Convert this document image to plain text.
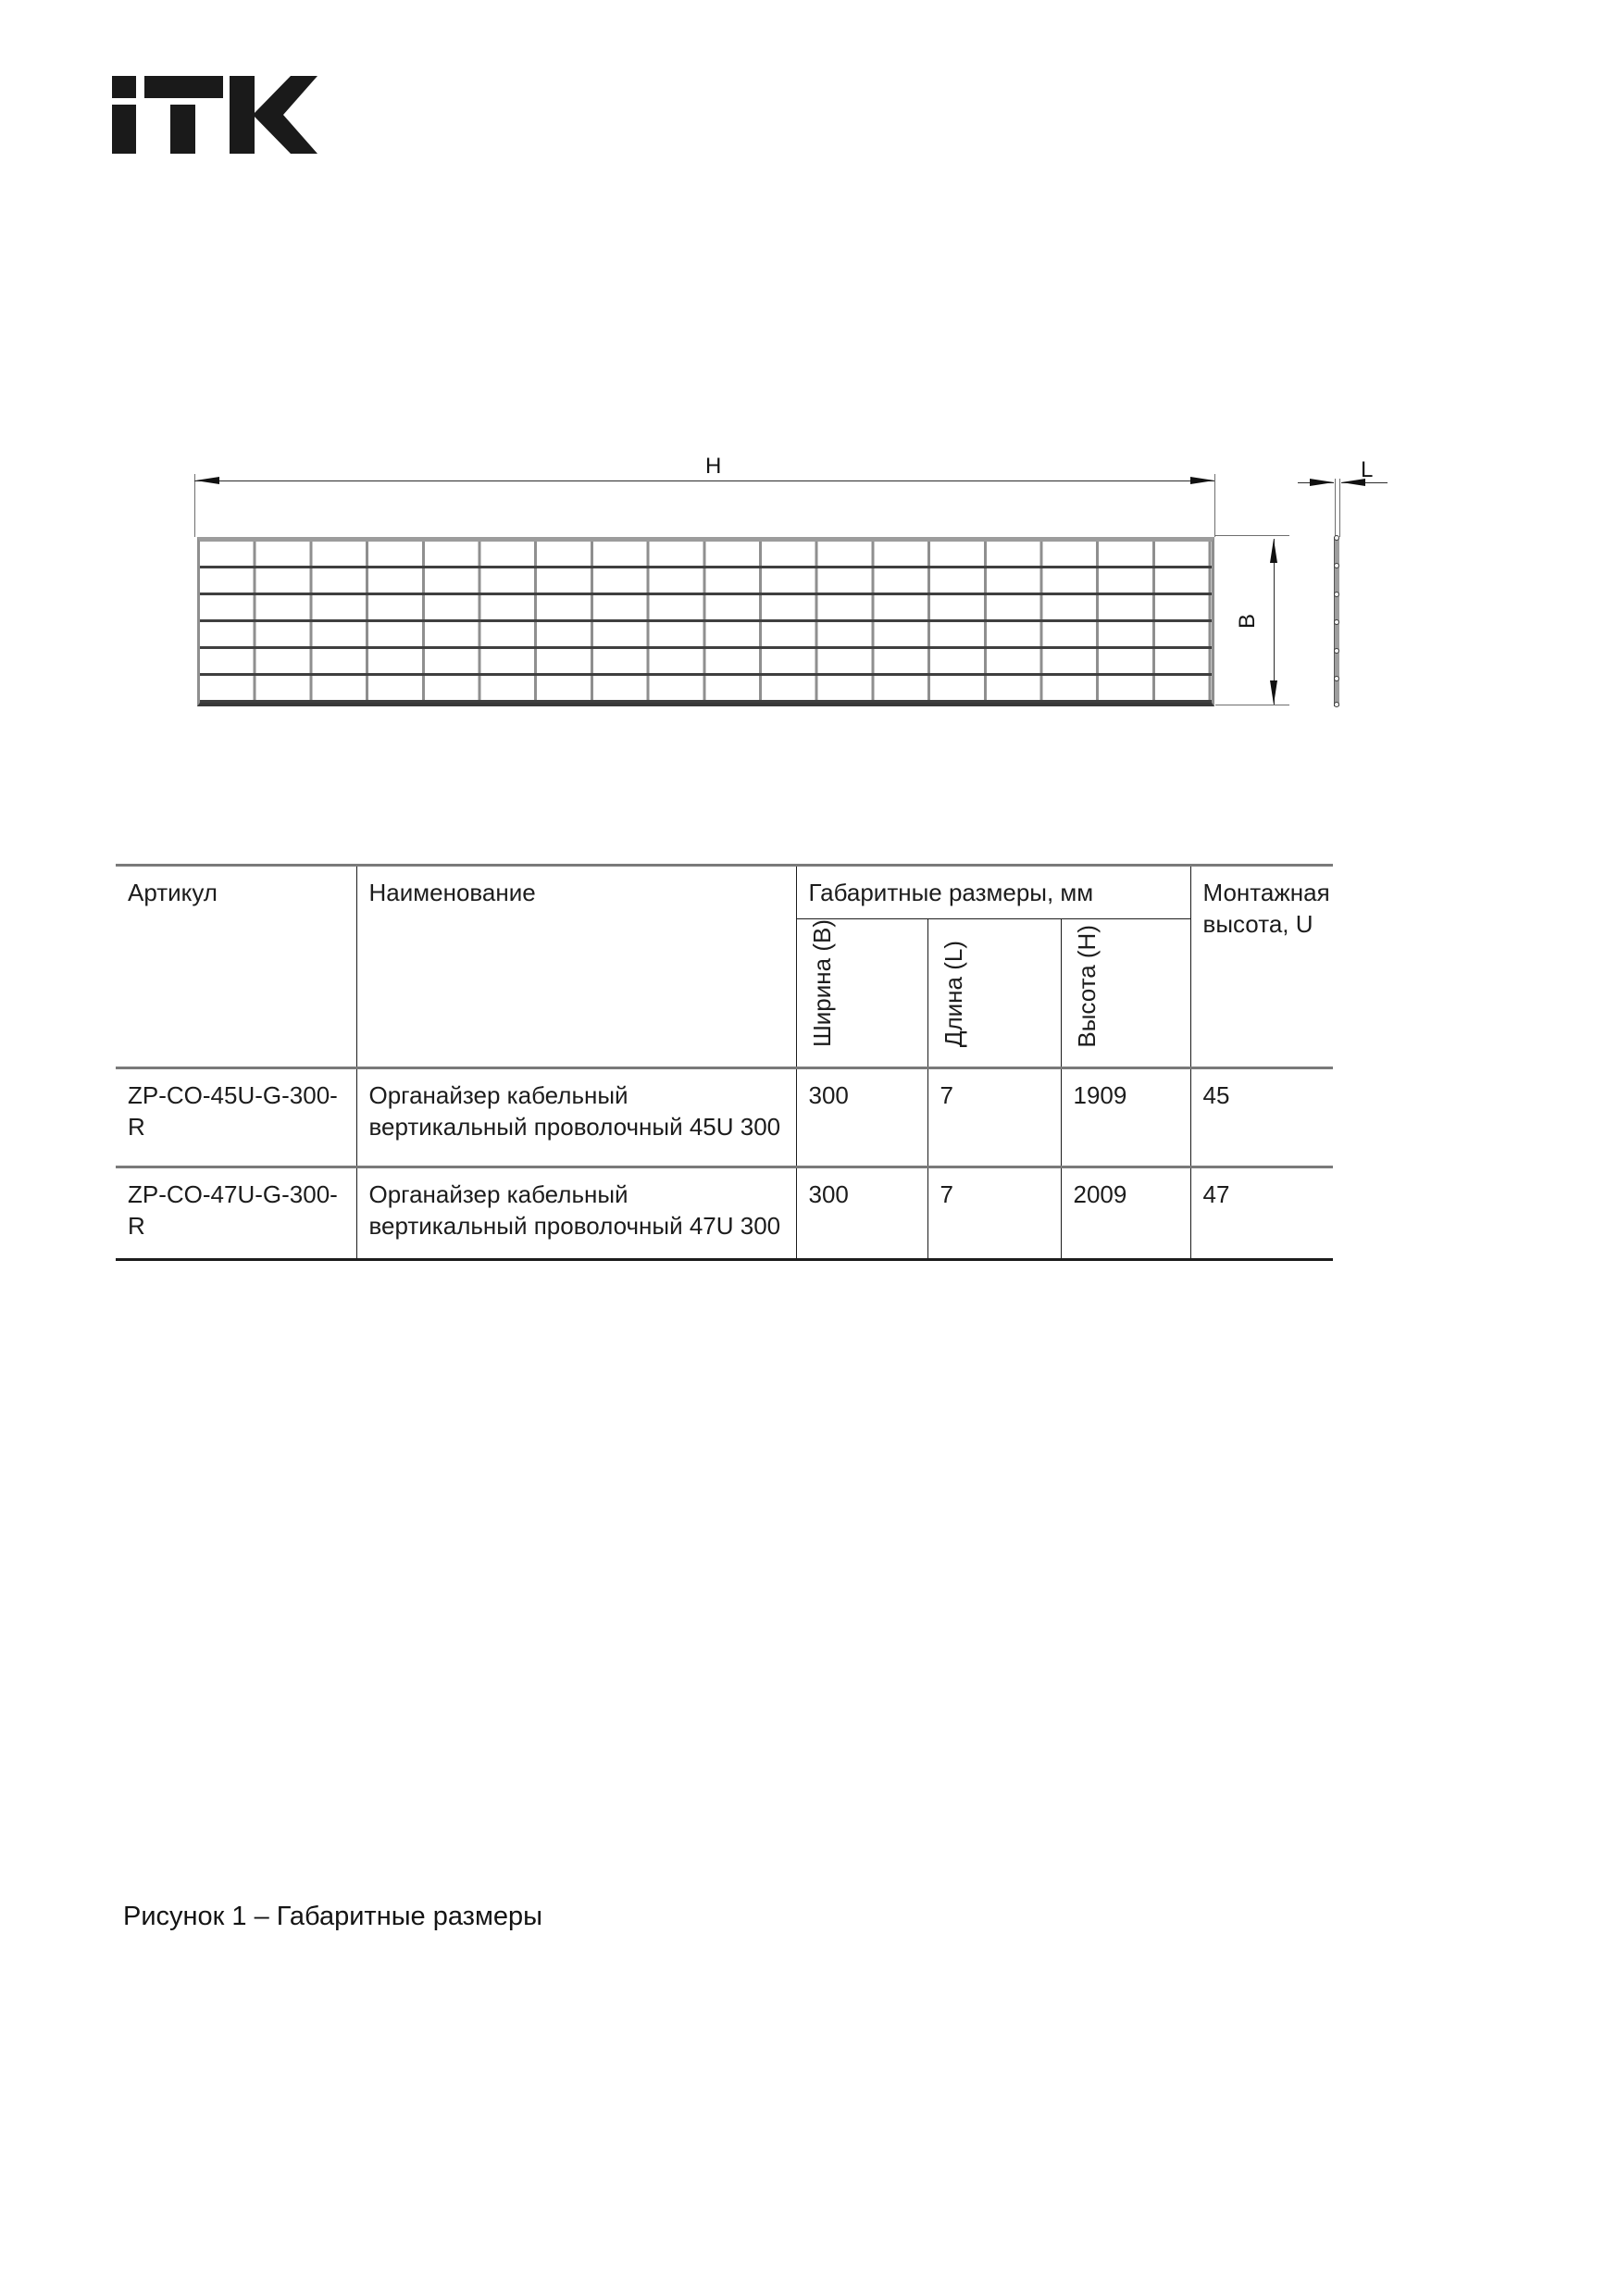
H
B
L
Артикул	Наименование	Габаритные размеры, мм			Монтажная высота, U
		Ширина (В)	Длина (L)	Высота (Н)	
ZP-CO-45U-G-300-R	Органайзер кабельный вертикальный проволочный 45U 300	300	7	1909	45
ZP-CO-47U-G-300-R	Органайзер кабельный вертикальный проволочный 47U 300	300	7	2009	47
Рисунок 1 – Габаритные размеры
